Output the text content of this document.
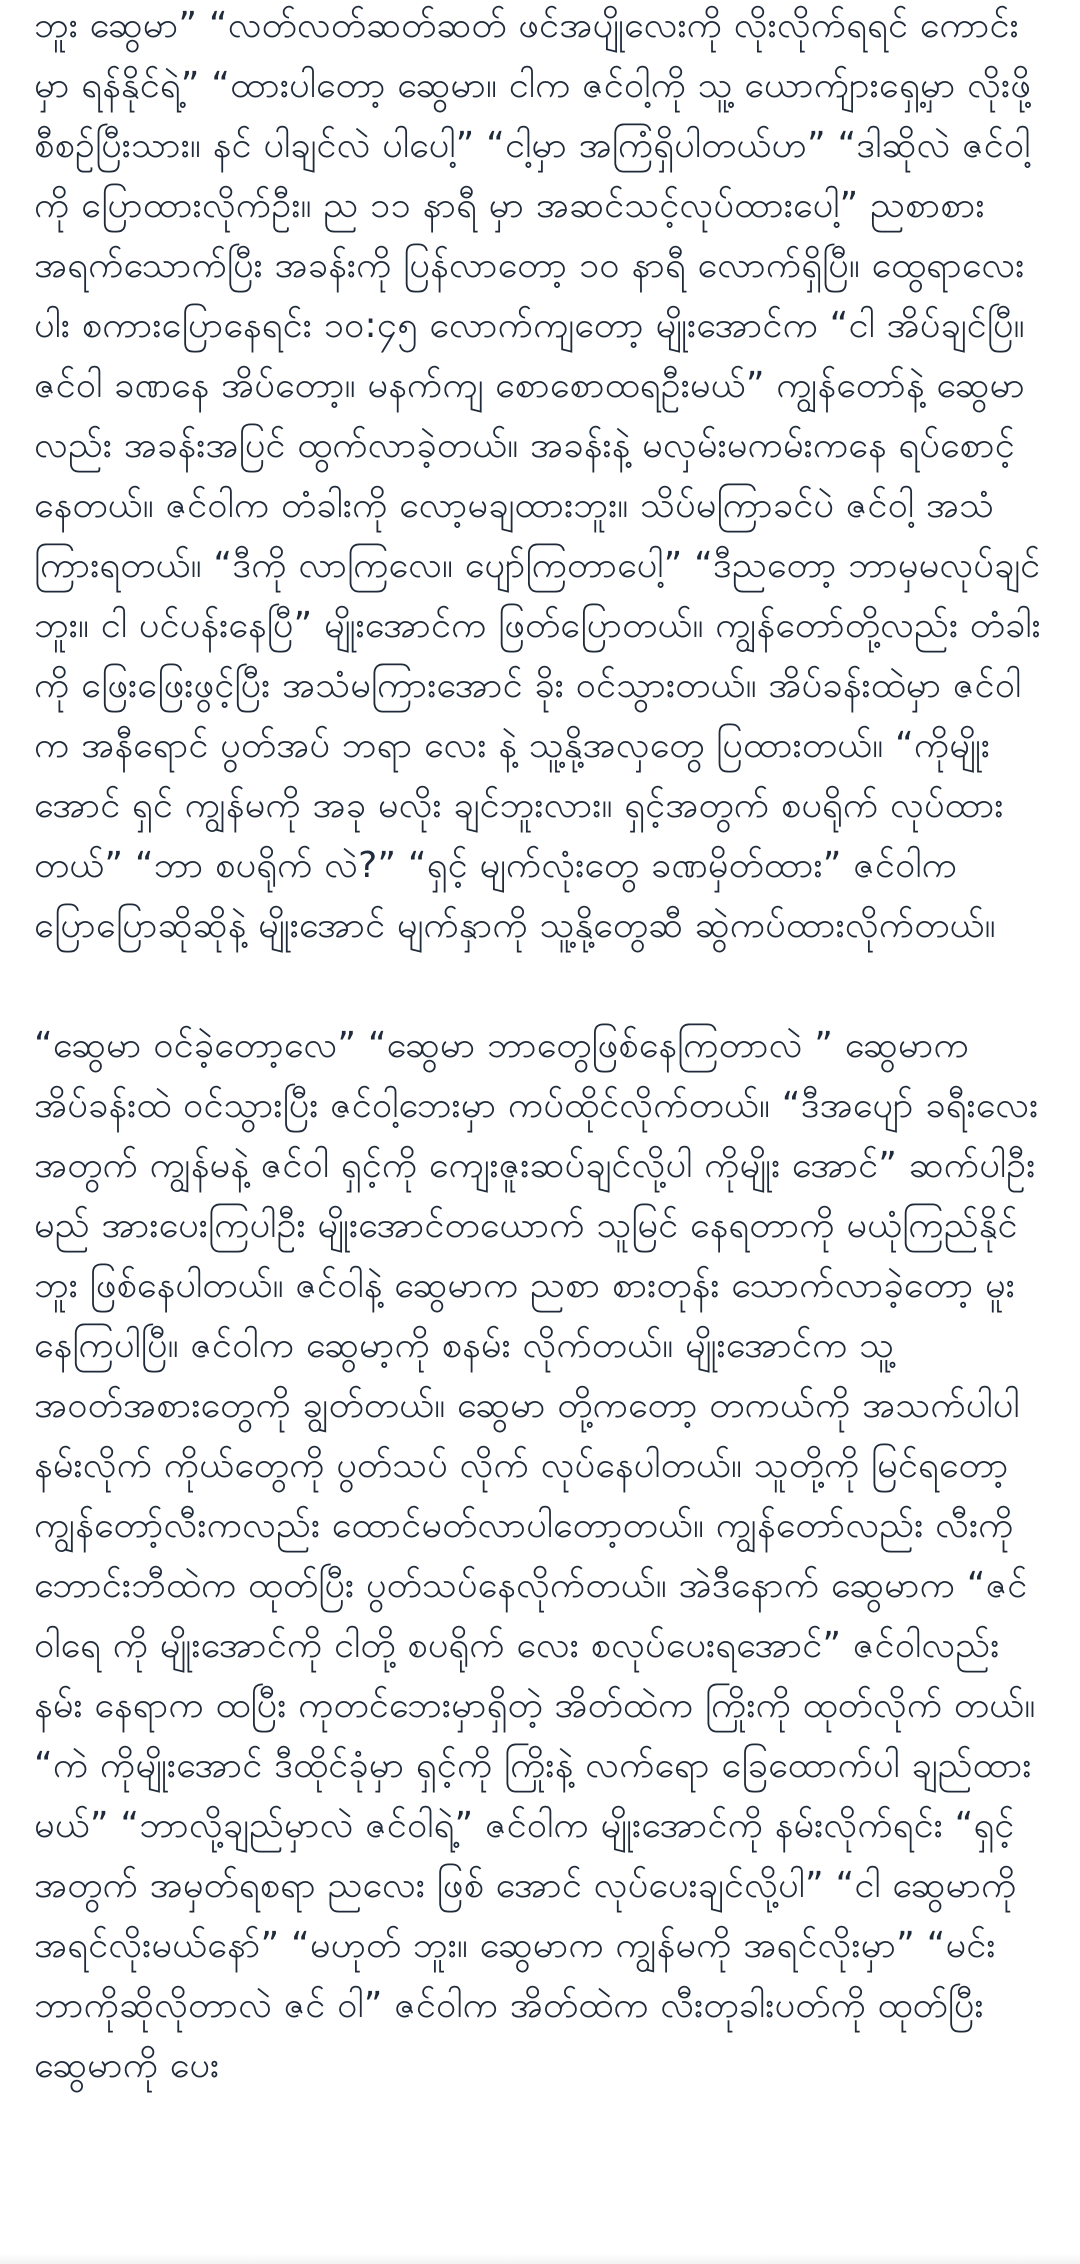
ဘူး ဆွေမာ” “လတ်လတ်ဆတ်ဆတ် ဖင်အပျိုလေးကို လိုးလိုက်ရရင် ကောင်းမှာ ရန်နိုင်ရဲ့” “ထားပါတော့ ဆွေမာ။ ငါက ဇင်ဝါ့ကို သူ့ ယောက်ျားရှေ့မှာ လိုးဖို့ စီစဉ်ပြီးသား။ နင် ပါချင်လဲ ပါပေါ့” “ငါ့မှာ အကြံရှိပါတယ်ဟ” “ဒါဆိုလဲ ဇင်ဝါ့ကို ပြောထားလိုက်ဦး။ ည ၁၁ နာရီ မှာ အဆင်သင့်လုပ်ထားပေါ့” ညစာစား အရက်သောက်ပြီး အခန်းကို ပြန်လာတော့ ၁၀ နာရီ လောက်ရှိပြီ။ ထွေရာလေးပါး စကားပြောနေရင်း ၁၀:၄၅ လောက်ကျတော့ မျိုးအောင်က “ငါ အိပ်ချင်ပြီ။ ဇင်ဝါ ခဏနေ အိပ်တော့။ မနက်ကျ စောစောထရဦးမယ်” ကျွန်တော်နဲ့ ဆွေမာလည်း အခန်းအပြင် ထွက်လာခဲ့တယ်။ အခန်းနဲ့ မလှမ်းမကမ်းကနေ ရပ်စောင့် နေတယ်။ ဇင်ဝါက တံခါးကို လော့မချထားဘူး။ သိပ်မကြာခင်ပဲ ဇင်ဝါ့ အသံကြားရတယ်။ “ဒီကို လာကြလေ။ ပျော်ကြတာပေါ့” “ဒီညတော့ ဘာမှမလုပ်ချင်ဘူး။ ငါ ပင်ပန်းနေပြီ” မျိုးအောင်က ဖြတ်ပြောတယ်။ ကျွန်တော်တို့လည်း တံခါးကို ဖြေးဖြေးဖွင့်ပြီး အသံမကြားအောင် ခိုး ဝင်သွားတယ်။ အိပ်ခန်းထဲမှာ ဇင်ဝါက အနီရောင် ပွတ်အပ် ဘရာ လေး နဲ့ သူ့နို့အလှတွေ ပြထားတယ်။ “ကိုမျိုးအောင် ရှင် ကျွန်မကို အခု မလိုး ချင်ဘူးလား။ ရှင့်အတွက် စပရိုက် လုပ်ထားတယ်” “ဘာ စပရိုက် လဲ?” “ရှင့် မျက်လုံးတွေ ခဏမှိတ်ထား” ဇင်ဝါက ပြောပြောဆိုဆိုနဲ့ မျိုးအောင် မျက်နှာကို သူ့နို့တွေဆီ ဆွဲကပ်ထားလိုက်တယ်။

“ဆွေမာ ဝင်ခဲ့တော့လေ” “ဆွေမာ ဘာတွေဖြစ်နေကြတာလဲ ” ဆွေမာက အိပ်ခန်းထဲ ဝင်သွားပြီး ဇင်ဝါ့ဘေးမှာ ကပ်ထိုင်လိုက်တယ်။ “ဒီအပျော် ခရီးလေးအတွက် ကျွန်မနဲ့ ဇင်ဝါ ရှင့်ကို ကျေးဇူးဆပ်ချင်လို့ပါ ကိုမျိုး အောင်” ဆက်ပါဦးမည် အားပေးကြပါဦး မျိုးအောင်တယောက် သူမြင် နေရတာကို မယုံကြည်နိုင်ဘူး ဖြစ်နေပါတယ်။ ဇင်ဝါနဲ့ ဆွေမာက ညစာ စားတုန်း သောက်လာခဲ့တော့ မူးနေကြပါပြီ။ ဇင်ဝါက ဆွေမာ့ကို စနမ်း လိုက်တယ်။ မျိုးအောင်က သူ့အဝတ်အစားတွေကို ချွတ်တယ်။ ဆွေမာ တို့ကတော့ တကယ်ကို အသက်ပါပါနမ်းလိုက် ကိုယ်တွေကို ပွတ်သပ် လိုက် လုပ်နေပါတယ်။ သူတို့ကို မြင်ရတော့ ကျွန်တော့်လီးကလည်း ထောင်မတ်လာပါတော့တယ်။ ကျွန်တော်လည်း လီးကို ဘောင်းဘီထဲက ထုတ်ပြီး ပွတ်သပ်နေလိုက်တယ်။ အဲဒီနောက် ဆွေမာက “ဇင်ဝါရေ ကို မျိုးအောင်ကို ငါတို့ စပရိုက် လေး စလုပ်ပေးရအောင်” ဇင်ဝါလည်း နမ်း နေရာက ထပြီး ကုတင်ဘေးမှာရှိတဲ့ အိတ်ထဲက ကြိုးကို ထုတ်လိုက် တယ်။ “ကဲ ကိုမျိုးအောင် ဒီထိုင်ခုံမှာ ရှင့်ကို ကြိုးနဲ့ လက်ရော ခြေထောက်ပါ ချည်ထားမယ်” “ဘာလို့ချည်မှာလဲ ဇင်ဝါရဲ့” ဇင်ဝါက မျိုးအောင်ကို နမ်းလိုက်ရင်း “ရှင့်အတွက် အမှတ်ရစရာ ညလေး ဖြစ် အောင် လုပ်ပေးချင်လို့ပါ” “ငါ ဆွေမာကို အရင်လိုးမယ်နော်” “မဟုတ် ဘူး။ ဆွေမာက ကျွန်မကို အရင်လိုးမှာ” “မင်း ဘာကိုဆိုလိုတာလဲ ဇင် ဝါ” ဇင်ဝါက အိတ်ထဲက လီးတုခါးပတ်ကို ထုတ်ပြီး ဆွေမာကို ပေး
